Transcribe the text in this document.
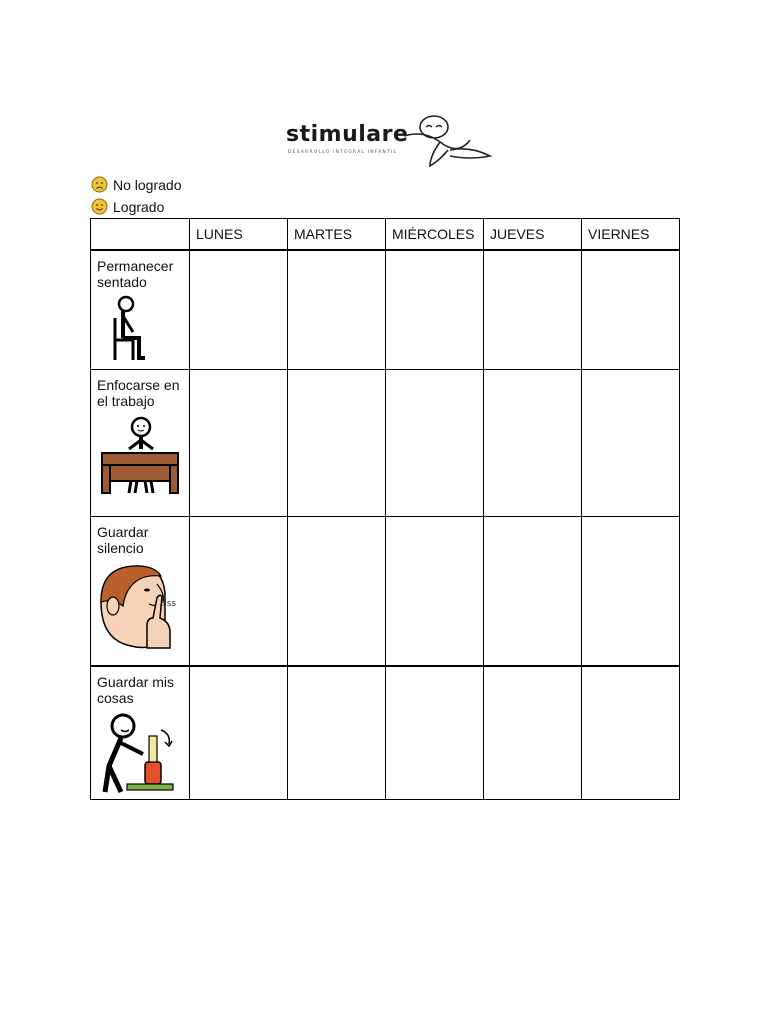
stimulare
DESARROLLO INTEGRAL INFANTIL
No logrado
Logrado

	LUNES	MARTES	MIÉRCOLES	JUEVES	VIERNES

Permanecer sentado					

Enfocarse en el trabajo					

Guardar silencio
sss					

Guardar mis cosas					
